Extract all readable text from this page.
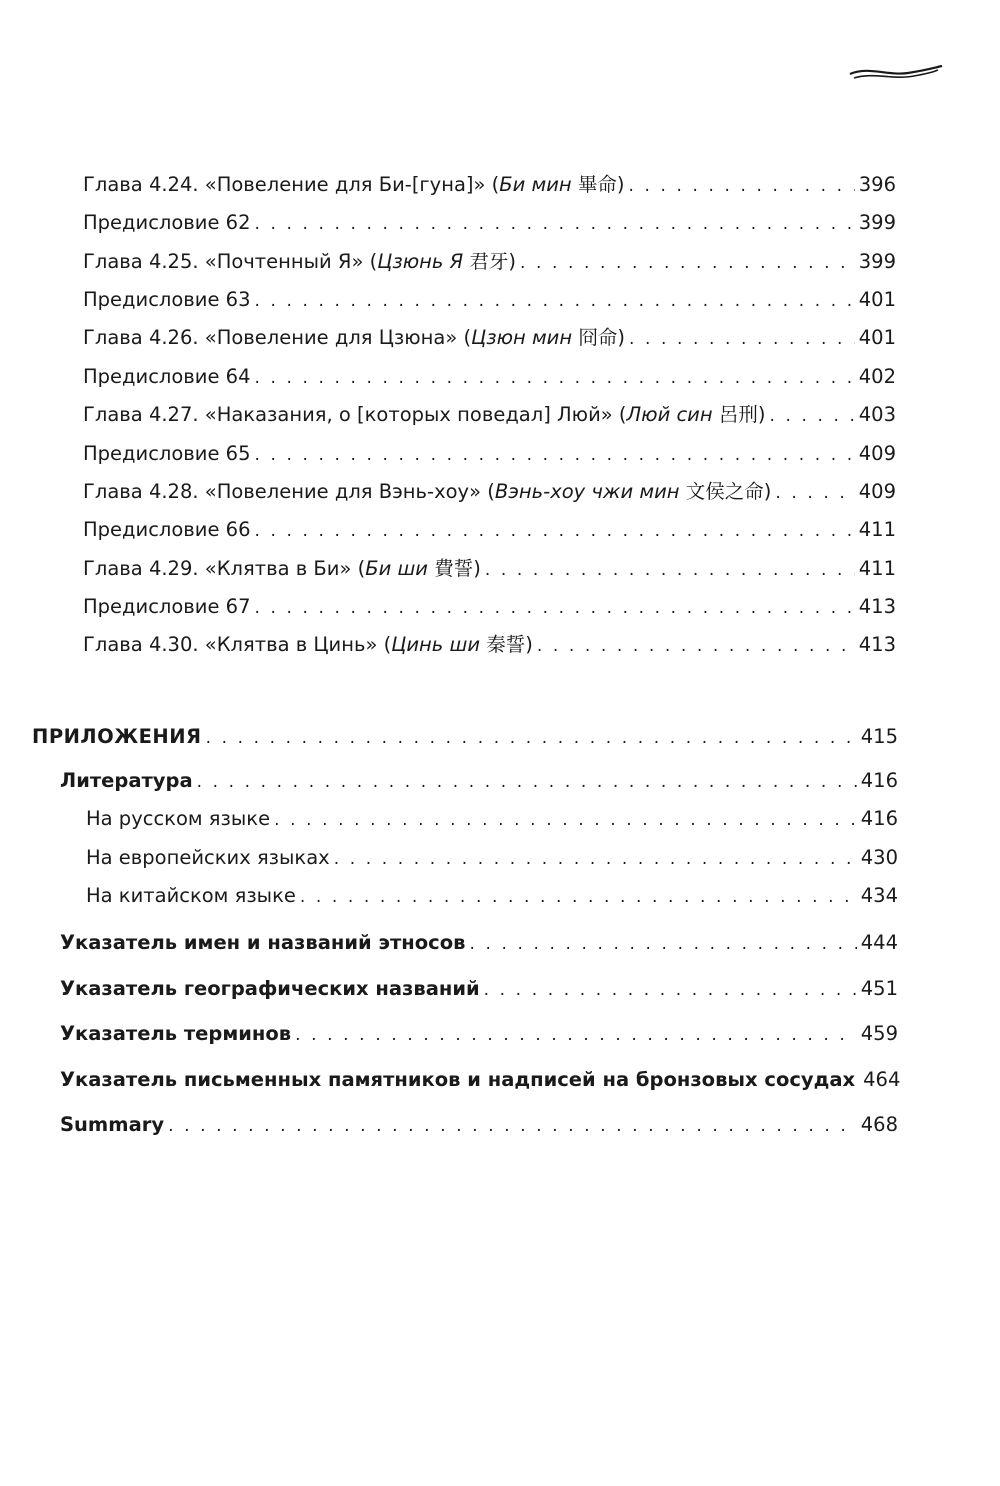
Глава 4.24. «Повеление для Би-[гуна]» (Би мин 畢命) . . .	396
Предисловие 62 . . .	399
Глава 4.25. «Почтенный Я» (Цзюнь Я 君牙) . . .	399
Предисловие 63 . . .	401
Глава 4.26. «Повеление для Цзюна» (Цзюн мин 冏命) . . .	401
Предисловие 64 . . .	402
Глава 4.27. «Наказания, о [которых поведал] Люй» (Люй син 呂刑) . . .	403
Предисловие 65 . . .	409
Глава 4.28. «Повеление для Вэнь-хоу» (Вэнь-хоу чжи мин 文侯之命) . . .	409
Предисловие 66 . . .	411
Глава 4.29. «Клятва в Би» (Би ши 費誓) . . .	411
Предисловие 67 . . .	413
Глава 4.30. «Клятва в Цинь» (Цинь ши 秦誓) . . .	413
ПРИЛОЖЕНИЯ . . .	415
Литература . . .	416
На русском языке . . .	416
На европейских языках . . .	430
На китайском языке . . .	434
Указатель имен и названий этносов . . .	444
Указатель географических названий . . .	451
Указатель терминов . . .	459
Указатель письменных памятников и надписей на бронзовых сосудах 464
Summary . . .	468
